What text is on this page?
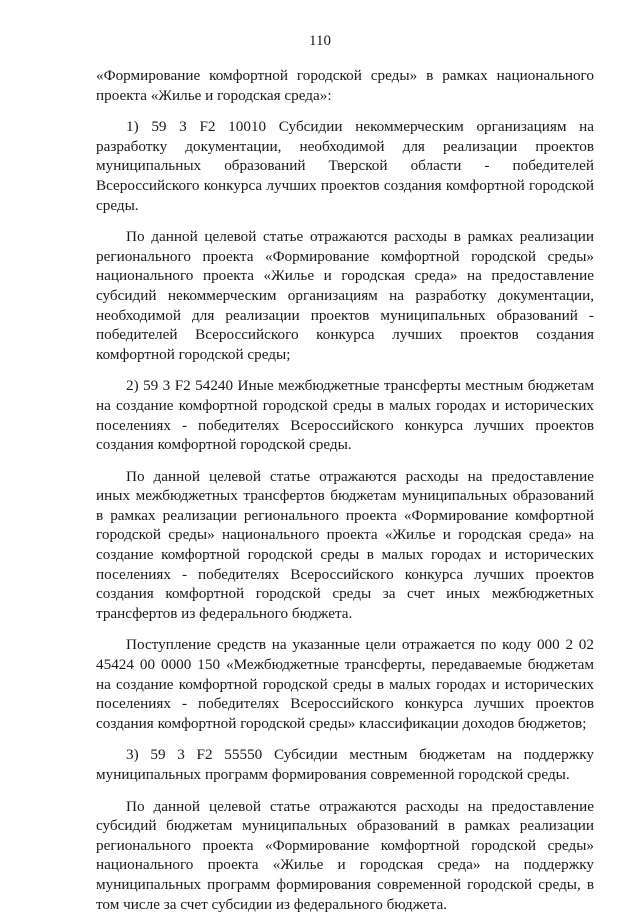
110

«Формирование комфортной городской среды» в рамках национального проекта «Жилье и городская среда»:

1) 59 3 F2 10010 Субсидии некоммерческим организациям на разработку документации, необходимой для реализации проектов муниципальных образований Тверской области - победителей Всероссийского конкурса лучших проектов создания комфортной городской среды.

По данной целевой статье отражаются расходы в рамках реализации регионального проекта «Формирование комфортной городской среды» национального проекта «Жилье и городская среда» на предоставление субсидий некоммерческим организациям на разработку документации, необходимой для реализации проектов муниципальных образований - победителей Всероссийского конкурса лучших проектов создания комфортной городской среды;

2) 59 3 F2 54240 Иные межбюджетные трансферты местным бюджетам на создание комфортной городской среды в малых городах и исторических поселениях - победителях Всероссийского конкурса лучших проектов создания комфортной городской среды.

По данной целевой статье отражаются расходы на предоставление иных межбюджетных трансфертов бюджетам муниципальных образований в рамках реализации регионального проекта «Формирование комфортной городской среды» национального проекта «Жилье и городская среда» на создание комфортной городской среды в малых городах и исторических поселениях - победителях Всероссийского конкурса лучших проектов создания комфортной городской среды за счет иных межбюджетных трансфертов из федерального бюджета.

Поступление средств на указанные цели отражается по коду 000 2 02 45424 00 0000 150 «Межбюджетные трансферты, передаваемые бюджетам на создание комфортной городской среды в малых городах и исторических поселениях - победителях Всероссийского конкурса лучших проектов создания комфортной городской среды» классификации доходов бюджетов;

3) 59 3 F2 55550 Субсидии местным бюджетам на поддержку муниципальных программ формирования современной городской среды.

По данной целевой статье отражаются расходы на предоставление субсидий бюджетам муниципальных образований в рамках реализации регионального проекта «Формирование комфортной городской среды» национального проекта «Жилье и городская среда» на поддержку муниципальных программ формирования современной городской среды, в том числе за счет субсидии из федерального бюджета.
